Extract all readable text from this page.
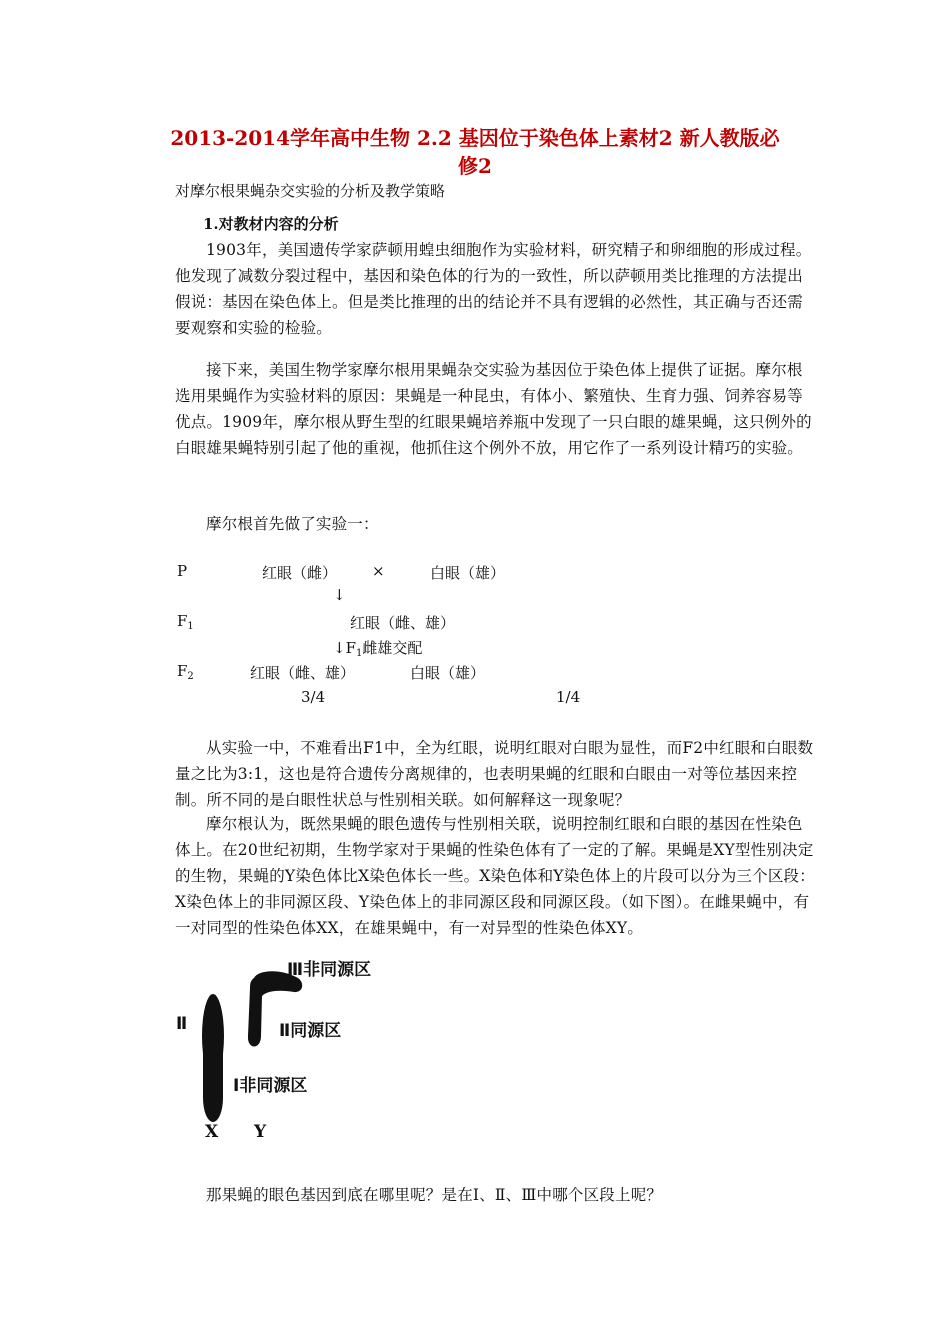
2013-2014学年高中生物 2.2 基因位于染色体上素材2 新人教版必
修2
对摩尔根果蝇杂交实验的分析及教学策略
1.对教材内容的分析
1903年，美国遗传学家萨顿用蝗虫细胞作为实验材料，研究精子和卵细胞的形成过程。他发现了减数分裂过程中，基因和染色体的行为的一致性，所以萨顿用类比推理的方法提出假说：基因在染色体上。但是类比推理的出的结论并不具有逻辑的必然性，其正确与否还需要观察和实验的检验。
接下来，美国生物学家摩尔根用果蝇杂交实验为基因位于染色体上提供了证据。摩尔根选用果蝇作为实验材料的原因：果蝇是一种昆虫，有体小、繁殖快、生育力强、饲养容易等优点。1909年，摩尔根从野生型的红眼果蝇培养瓶中发现了一只白眼的雄果蝇，这只例外的白眼雄果蝇特别引起了他的重视，他抓住这个例外不放，用它作了一系列设计精巧的实验。
摩尔根首先做了实验一：
P	红眼（雌） ×	白眼（雄）
↓
$F_1$	红眼（雌、雄）
$↓F_1$雌雄交配
$F_2$	红眼（雌、雄）	白眼（雄）
3/4	1/4
从实验一中，不难看出F1中，全为红眼，说明红眼对白眼为显性，而F2中红眼和白眼数量之比为3:1，这也是符合遗传分离规律的，也表明果蝇的红眼和白眼由一对等位基因来控制。所不同的是白眼性状总与性别相关联。如何解释这一现象呢？
摩尔根认为，既然果蝇的眼色遗传与性别相关联，说明控制红眼和白眼的基因在性染色体上。在20世纪初期，生物学家对于果蝇的性染色体有了一定的了解。果蝇是XY型性别决定的生物，果蝇的Y染色体比X染色体长一些。X染色体和Y染色体上的片段可以分为三个区段：X染色体上的非同源区段、Y染色体上的非同源区段和同源区段。（如下图）。在雌果蝇中，有一对同型的性染色体XX，在雄果蝇中，有一对异型的性染色体XY。
Ⅲ非同源区
Ⅱ	Ⅱ同源区
Ⅰ非同源区
X Y
那果蝇的眼色基因到底在哪里呢？是在Ⅰ、Ⅱ、Ⅲ中哪个区段上呢？
